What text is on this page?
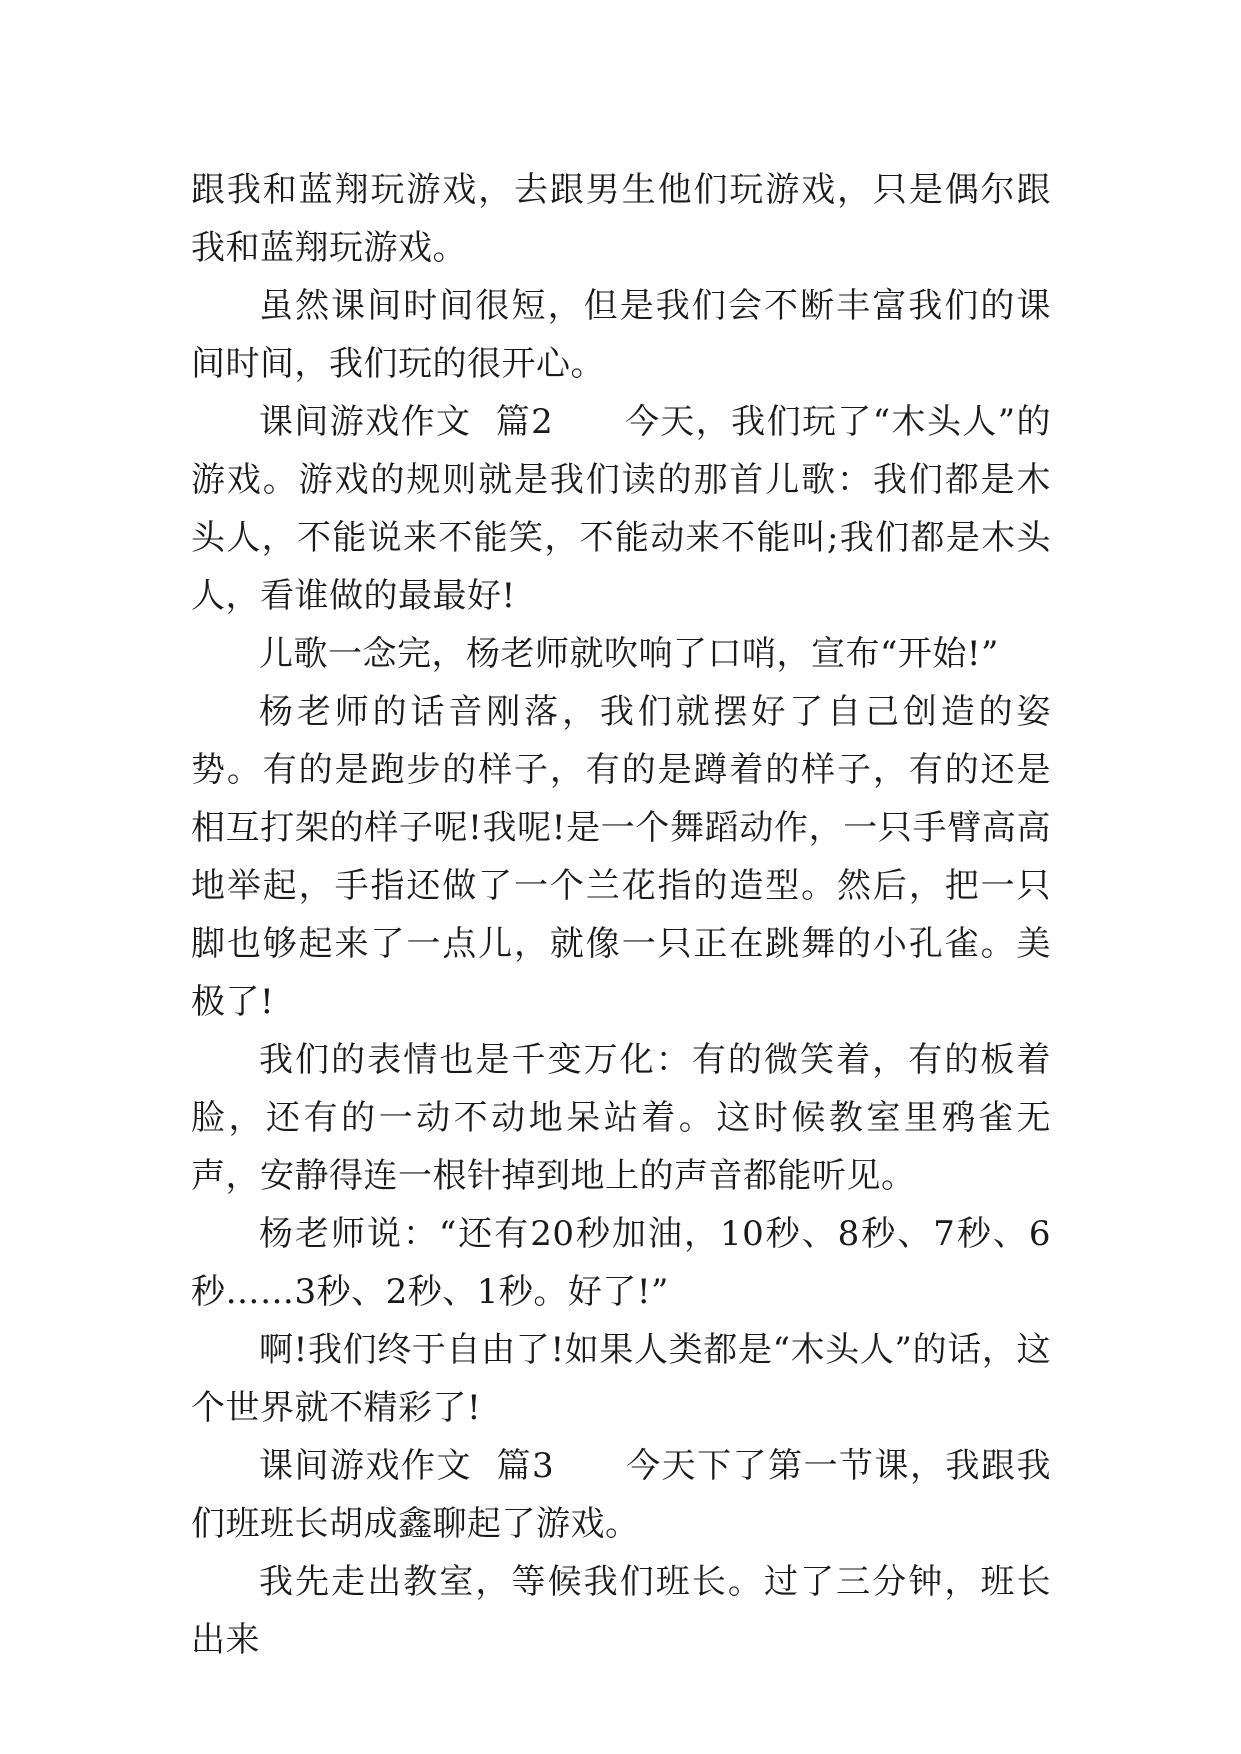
跟我和蓝翔玩游戏，去跟男生他们玩游戏，只是偶尔跟我和蓝翔玩游戏。

虽然课间时间很短，但是我们会不断丰富我们的课间时间，我们玩的很开心。

课间游戏作文  篇2　　 今天，我们玩了“木头人”的游戏。游戏的规则就是我们读的那首儿歌：我们都是木头人，不能说来不能笑，不能动来不能叫;我们都是木头人，看谁做的最最好!

儿歌一念完，杨老师就吹响了口哨，宣布“开始!”

杨老师的话音刚落，我们就摆好了自己创造的姿势。有的是跑步的样子，有的是蹲着的样子，有的还是相互打架的样子呢!我呢!是一个舞蹈动作，一只手臂高高地举起，手指还做了一个兰花指的造型。然后，把一只脚也够起来了一点儿，就像一只正在跳舞的小孔雀。美极了!

我们的表情也是千变万化：有的微笑着，有的板着脸，还有的一动不动地呆站着。这时候教室里鸦雀无声，安静得连一根针掉到地上的声音都能听见。

杨老师说：“还有20秒加油，10秒、8秒、7秒、6秒……3秒、2秒、1秒。好了!”

啊!我们终于自由了!如果人类都是“木头人”的话，这个世界就不精彩了!

课间游戏作文  篇3　　 今天下了第一节课，我跟我们班班长胡成鑫聊起了游戏。

我先走出教室，等候我们班长。过了三分钟，班长出来
